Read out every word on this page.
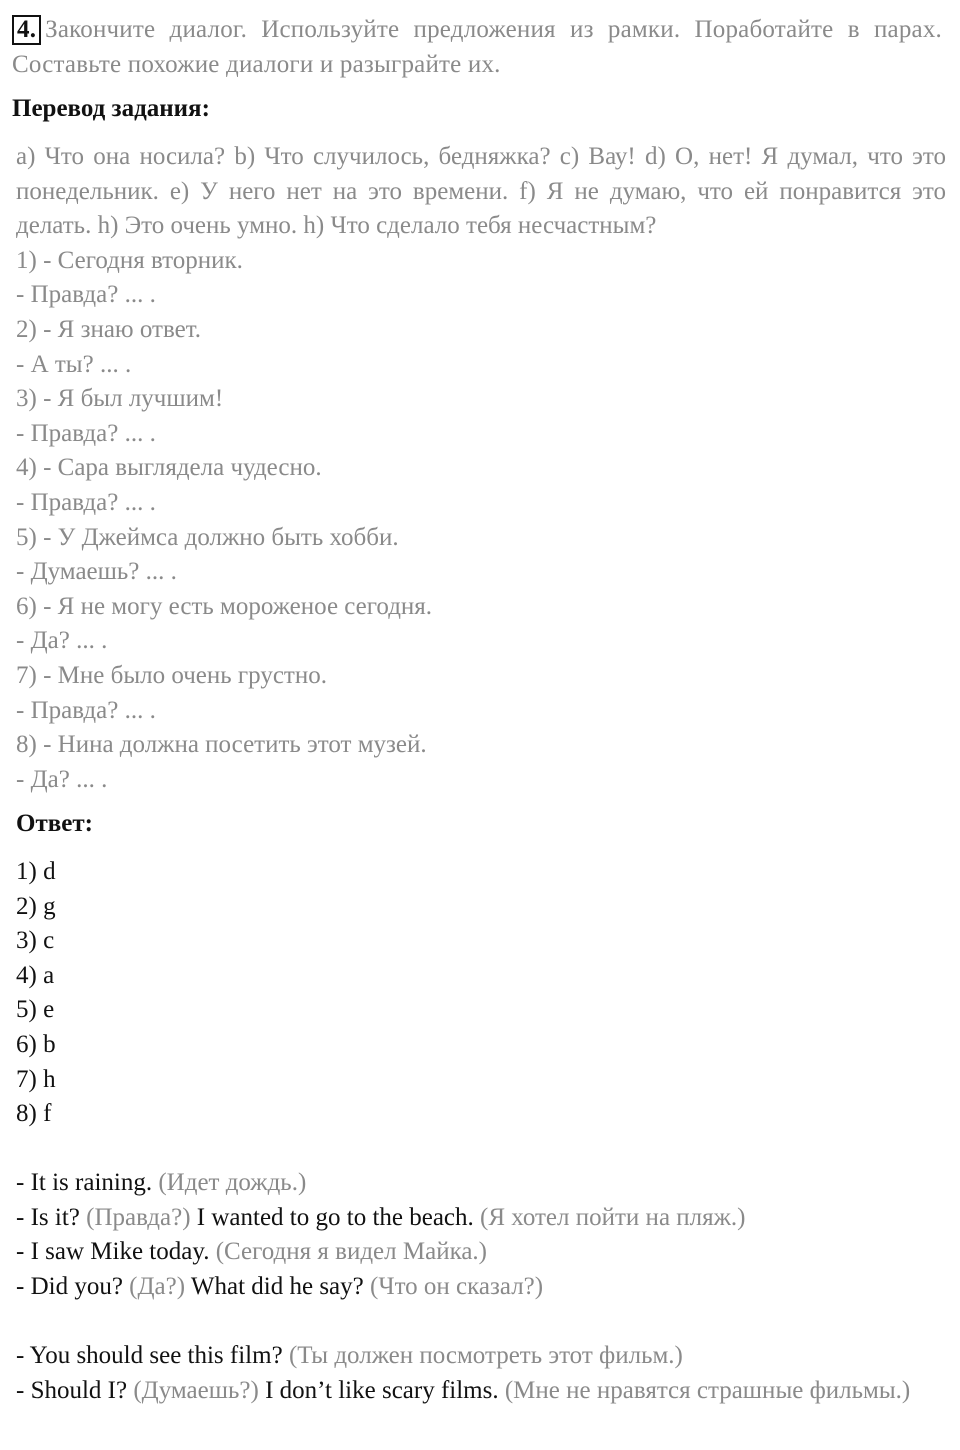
4. Закончите диалог. Используйте предложения из рамки. Поработайте в парах. Составьте похожие диалоги и разыграйте их.
Перевод задания:
a) Что она носила? b) Что случилось, бедняжка? c) Вау! d) О, нет! Я думал, что это понедельник. e) У него нет на это времени. f) Я не думаю, что ей понравится это делать. h) Это очень умно. h) Что сделало тебя несчастным?
1) - Сегодня вторник.
- Правда? ... .
2) - Я знаю ответ.
- А ты? ... .
3) - Я был лучшим!
- Правда? ... .
4) - Сара выглядела чудесно.
- Правда? ... .
5) - У Джеймса должно быть хобби.
- Думаешь? ... .
6) - Я не могу есть мороженое сегодня.
- Да? ... .
7) - Мне было очень грустно.
- Правда? ... .
8) - Нина должна посетить этот музей.
- Да? ... .
Ответ:
1) d
2) g
3) c
4) a
5) e
6) b
7) h
8) f
- It is raining. (Идет дождь.)
- Is it? (Правда?) I wanted to go to the beach. (Я хотел пойти на пляж.)
- I saw Mike today. (Сегодня я видел Майка.)
- Did you? (Да?) What did he say? (Что он сказал?)
- You should see this film? (Ты должен посмотреть этот фильм.)
- Should I? (Думаешь?) I don’t like scary films. (Мне не нравятся страшные фильмы.)
